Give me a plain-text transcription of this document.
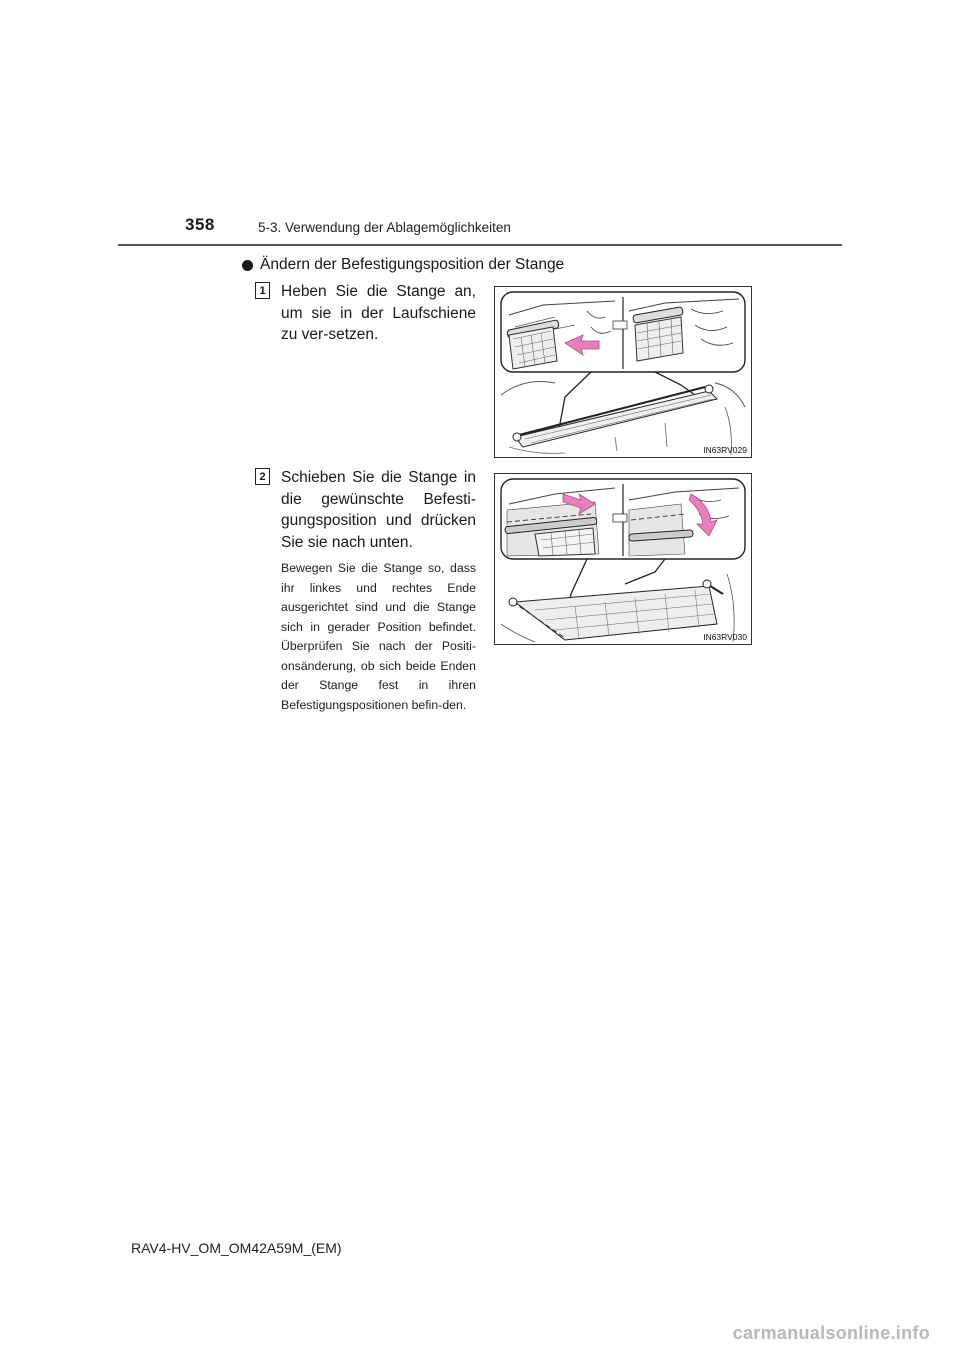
358	5-3. Verwendung der Ablagemöglichkeiten
Ändern der Befestigungsposition der Stange
1 Heben Sie die Stange an, um sie in der Laufschiene zu ver-setzen.
IN63RV029
2 Schieben Sie die Stange in die gewünschte Befesti-gungsposition und drücken Sie sie nach unten.
Bewegen Sie die Stange so, dass ihr linkes und rechtes Ende ausgerichtet sind und die Stange sich in gerader Position befindet. Überprüfen Sie nach der Positi-onsänderung, ob sich beide Enden der Stange fest in ihren Befestigungspositionen befin-den.
IN63RV030
RAV4-HV_OM_OM42A59M_(EM)
carmanualsonline.info
